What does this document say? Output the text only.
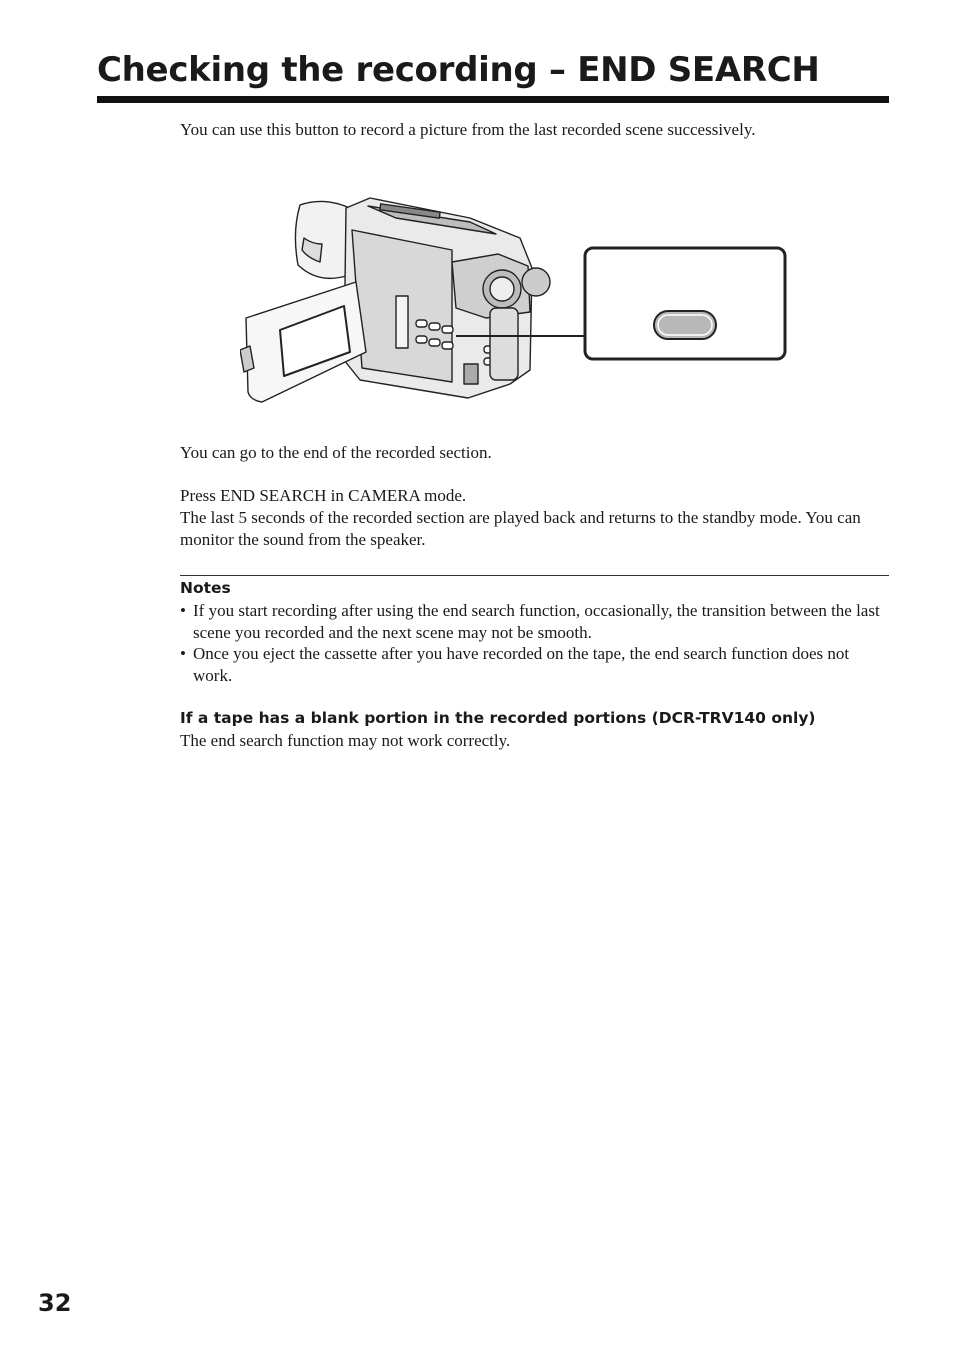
Checking the recording – END SEARCH

You can use this button to record a picture from the last recorded scene successively.

You can go to the end of the recorded section.

Press END SEARCH in CAMERA mode.

The last 5 seconds of the recorded section are played back and returns to the standby mode. You can monitor the sound from the speaker.

Notes
• If you start recording after using the end search function, occasionally, the transition between the last scene you recorded and the next scene may not be smooth.
• Once you eject the cassette after you have recorded on the tape, the end search function does not work.
If a tape has a blank portion in the recorded portions (DCR-TRV140 only)

The end search function may not work correctly.

32
